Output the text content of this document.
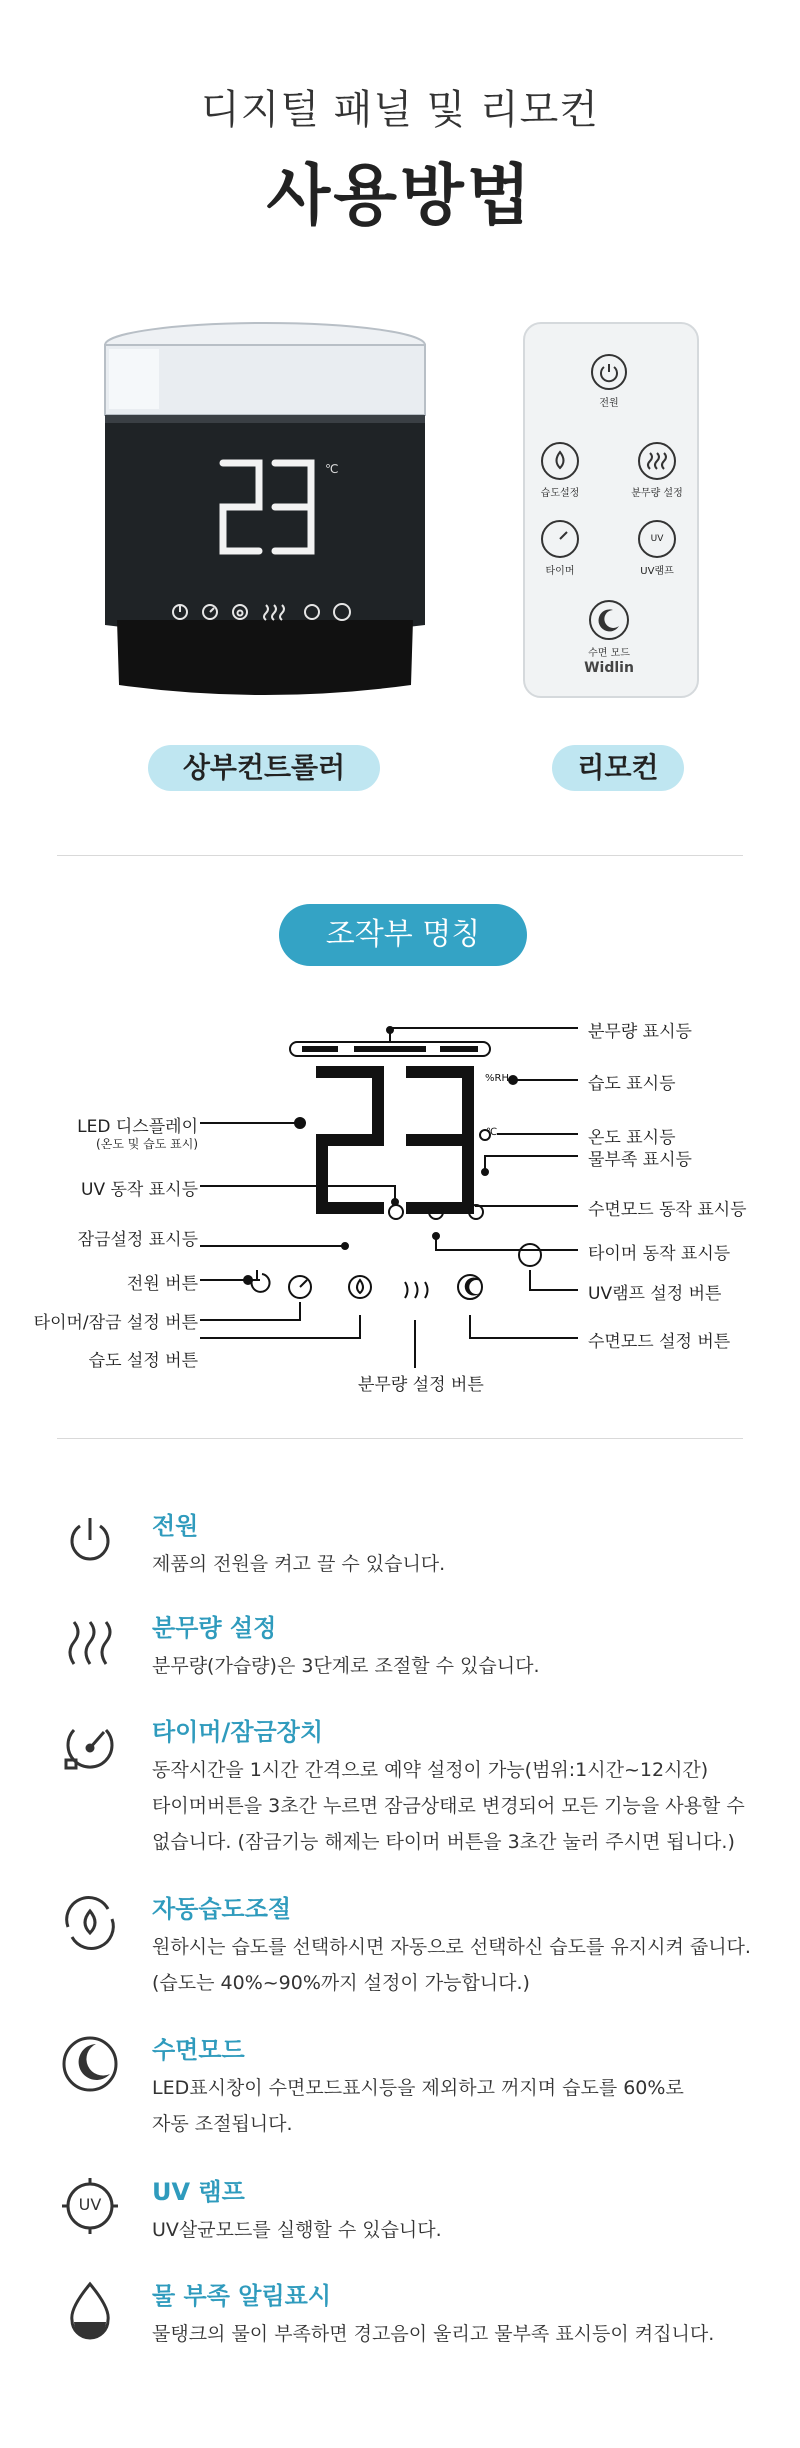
디지털 패널 및 리모컨
사용방법
℃
전원
습도설정	분무량 설정
타이머
UV
UV램프
수면 모드
Widlin
상부컨트롤러	리모컨
조작부 명칭
%RH
℃
분무량 표시등
습도 표시등
온도 표시등
물부족 표시등
수면모드 동작 표시등
타이머 동작 표시등
UV램프 설정 버튼
수면모드 설정 버튼
분무량 설정 버튼
LED 디스플레이
(온도 및 습도 표시)
UV 동작 표시등
잠금설정 표시등
전원 버튼
타이머/잠금 설정 버튼
습도 설정 버튼
전원
제품의 전원을 켜고 끌 수 있습니다.
분무량 설정
분무량(가습량)은 3단계로 조절할 수 있습니다.
타이머/잠금장치
동작시간을 1시간 간격으로 예약 설정이 가능(범위:1시간~12시간)
타이머버튼을 3초간 누르면 잠금상태로 변경되어 모든 기능을 사용할 수
없습니다. (잠금기능 해제는 타이머 버튼을 3초간 눌러 주시면 됩니다.)
자동습도조절
원하시는 습도를 선택하시면 자동으로 선택하신 습도를 유지시켜 줍니다.
(습도는 40%~90%까지 설정이 가능합니다.)
수면모드
LED표시창이 수면모드표시등을 제외하고 꺼지며 습도를 60%로
자동 조절됩니다.
UV	UV 램프
UV살균모드를 실행할 수 있습니다.
물 부족 알림표시
물탱크의 물이 부족하면 경고음이 울리고 물부족 표시등이 켜집니다.
